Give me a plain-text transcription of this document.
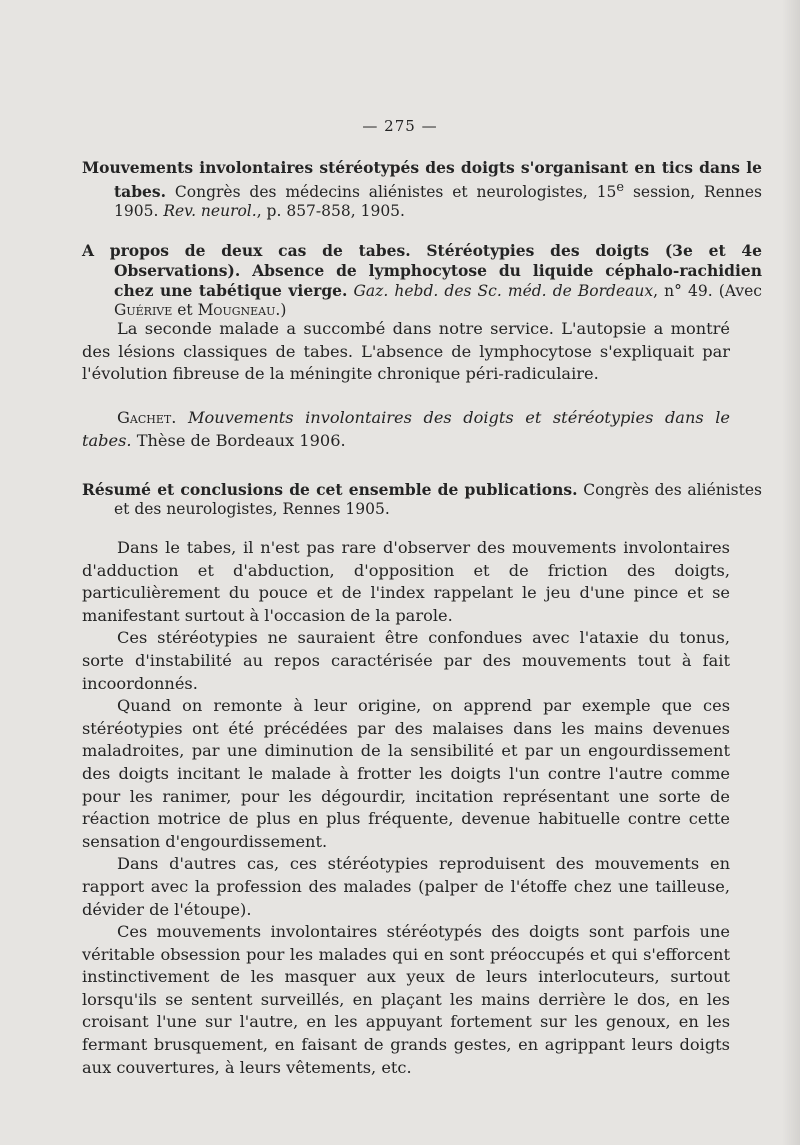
— 275 —
Mouvements involontaires stéréotypés des doigts s'organisant en tics dans le tabes. Congrès des médecins aliénistes et neurologistes, 15e session, Rennes 1905. Rev. neurol., p. 857-858, 1905.
A propos de deux cas de tabes. Stéréotypies des doigts (3e et 4e Observations). Absence de lymphocytose du liquide céphalo-rachidien chez une tabétique vierge. Gaz. hebd. des Sc. méd. de Bordeaux, n° 49. (Avec Guérive et Mougneau.)

La seconde malade a succombé dans notre service. L'autopsie a montré des lésions classiques de tabes. L'absence de lymphocytose s'expliquait par l'évolution fibreuse de la méningite chronique péri-radiculaire.

Gachet. Mouvements involontaires des doigts et stéréotypies dans le tabes. Thèse de Bordeaux 1906.

Résumé et conclusions de cet ensemble de publications. Congrès des aliénistes et des neurologistes, Rennes 1905.

Dans le tabes, il n'est pas rare d'observer des mouvements involontaires d'adduction et d'abduction, d'opposition et de friction des doigts, particulièrement du pouce et de l'index rappelant le jeu d'une pince et se manifestant surtout à l'occasion de la parole.

Ces stéréotypies ne sauraient être confondues avec l'ataxie du tonus, sorte d'instabilité au repos caractérisée par des mouvements tout à fait incoordonnés.

Quand on remonte à leur origine, on apprend par exemple que ces stéréotypies ont été précédées par des malaises dans les mains devenues maladroites, par une diminution de la sensibilité et par un engourdissement des doigts incitant le malade à frotter les doigts l'un contre l'autre comme pour les ranimer, pour les dégourdir, incitation représentant une sorte de réaction motrice de plus en plus fréquente, devenue habituelle contre cette sensation d'engourdissement.

Dans d'autres cas, ces stéréotypies reproduisent des mouvements en rapport avec la profession des malades (palper de l'étoffe chez une tailleuse, dévider de l'étoupe).

Ces mouvements involontaires stéréotypés des doigts sont parfois une véritable obsession pour les malades qui en sont préoccupés et qui s'efforcent instinctivement de les masquer aux yeux de leurs interlocuteurs, surtout lorsqu'ils se sentent surveillés, en plaçant les mains derrière le dos, en les croisant l'une sur l'autre, en les appuyant fortement sur les genoux, en les fermant brusquement, en faisant de grands gestes, en agrippant leurs doigts aux couvertures, à leurs vêtements, etc.
